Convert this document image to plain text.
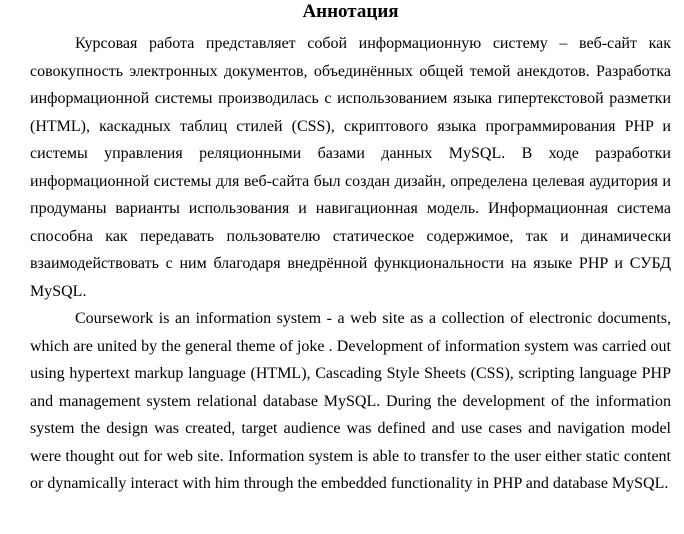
Аннотация

Курсовая работа представляет собой информационную систему – веб-сайт как совокупность электронных документов, объединённых общей темой анекдотов. Разработка информационной системы производилась с использованием языка гипертекстовой разметки (HTML), каскадных таблиц стилей (CSS), скриптового языка программирования PHP и системы управления реляционными базами данных MySQL. В ходе разработки информационной системы для веб-сайта был создан дизайн, определена целевая аудитория и продуманы варианты использования и навигационная модель. Информационная система способна как передавать пользователю статическое содержимое, так и динамически взаимодействовать с ним благодаря внедрённой функциональности на языке PHP и СУБД MySQL.

Coursework is an information system - a web site as a collection of electronic documents, which are united by the general theme of joke . Development of information system was carried out using hypertext markup language (HTML), Cascading Style Sheets (CSS), scripting language PHP and management system relational database MySQL. During the development of the information system the design was created, target audience was defined and use cases and navigation model were thought out for web site. Information system is able to transfer to the user either static content or dynamically interact with him through the embedded functionality in PHP and database MySQL.
